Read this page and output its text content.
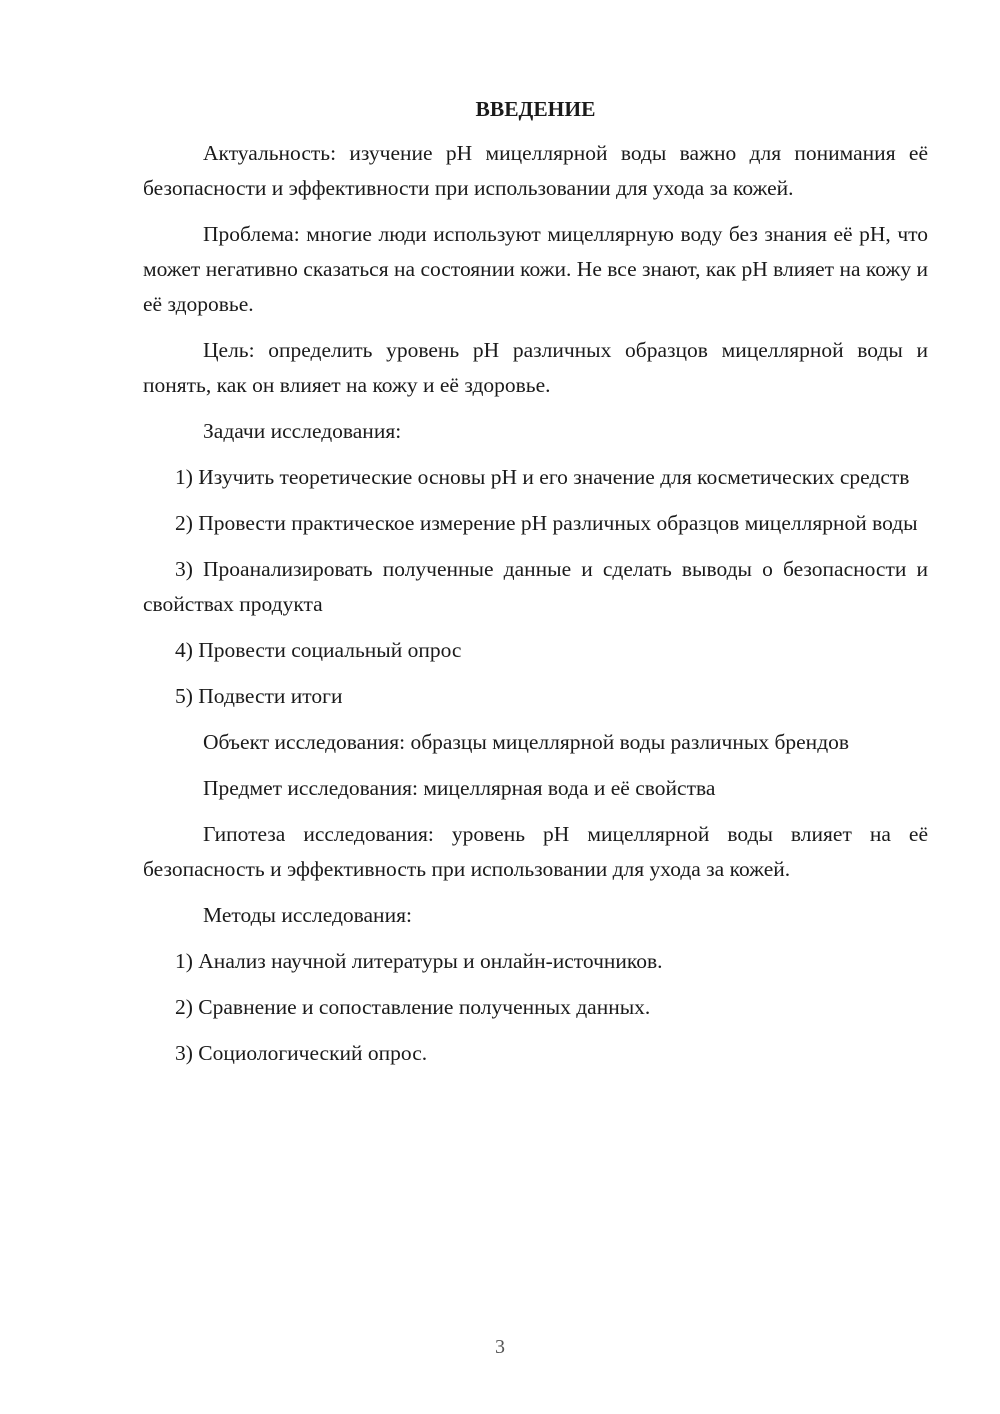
ВВЕДЕНИЕ

Актуальность: изучение pH мицеллярной воды важно для понимания её безопасности и эффективности при использовании для ухода за кожей.

Проблема: многие люди используют мицеллярную воду без знания её pH, что может негативно сказаться на состоянии кожи. Не все знают, как pH влияет на кожу и её здоровье.

Цель: определить уровень pH различных образцов мицеллярной воды и понять, как он влияет на кожу и её здоровье.

Задачи исследования:

1) Изучить теоретические основы pH и его значение для косметических средств

2) Провести практическое измерение pH различных образцов мицеллярной воды

3) Проанализировать полученные данные и сделать выводы о безопасности и свойствах продукта

4) Провести социальный опрос

5) Подвести итоги

Объект исследования: образцы мицеллярной воды различных брендов

Предмет исследования: мицеллярная вода и её свойства

Гипотеза исследования: уровень pH мицеллярной воды влияет на её безопасность и эффективность при использовании для ухода за кожей.

Методы исследования:

1) Анализ научной литературы и онлайн-источников.

2) Сравнение и сопоставление полученных данных.

3) Социологический опрос.

3
